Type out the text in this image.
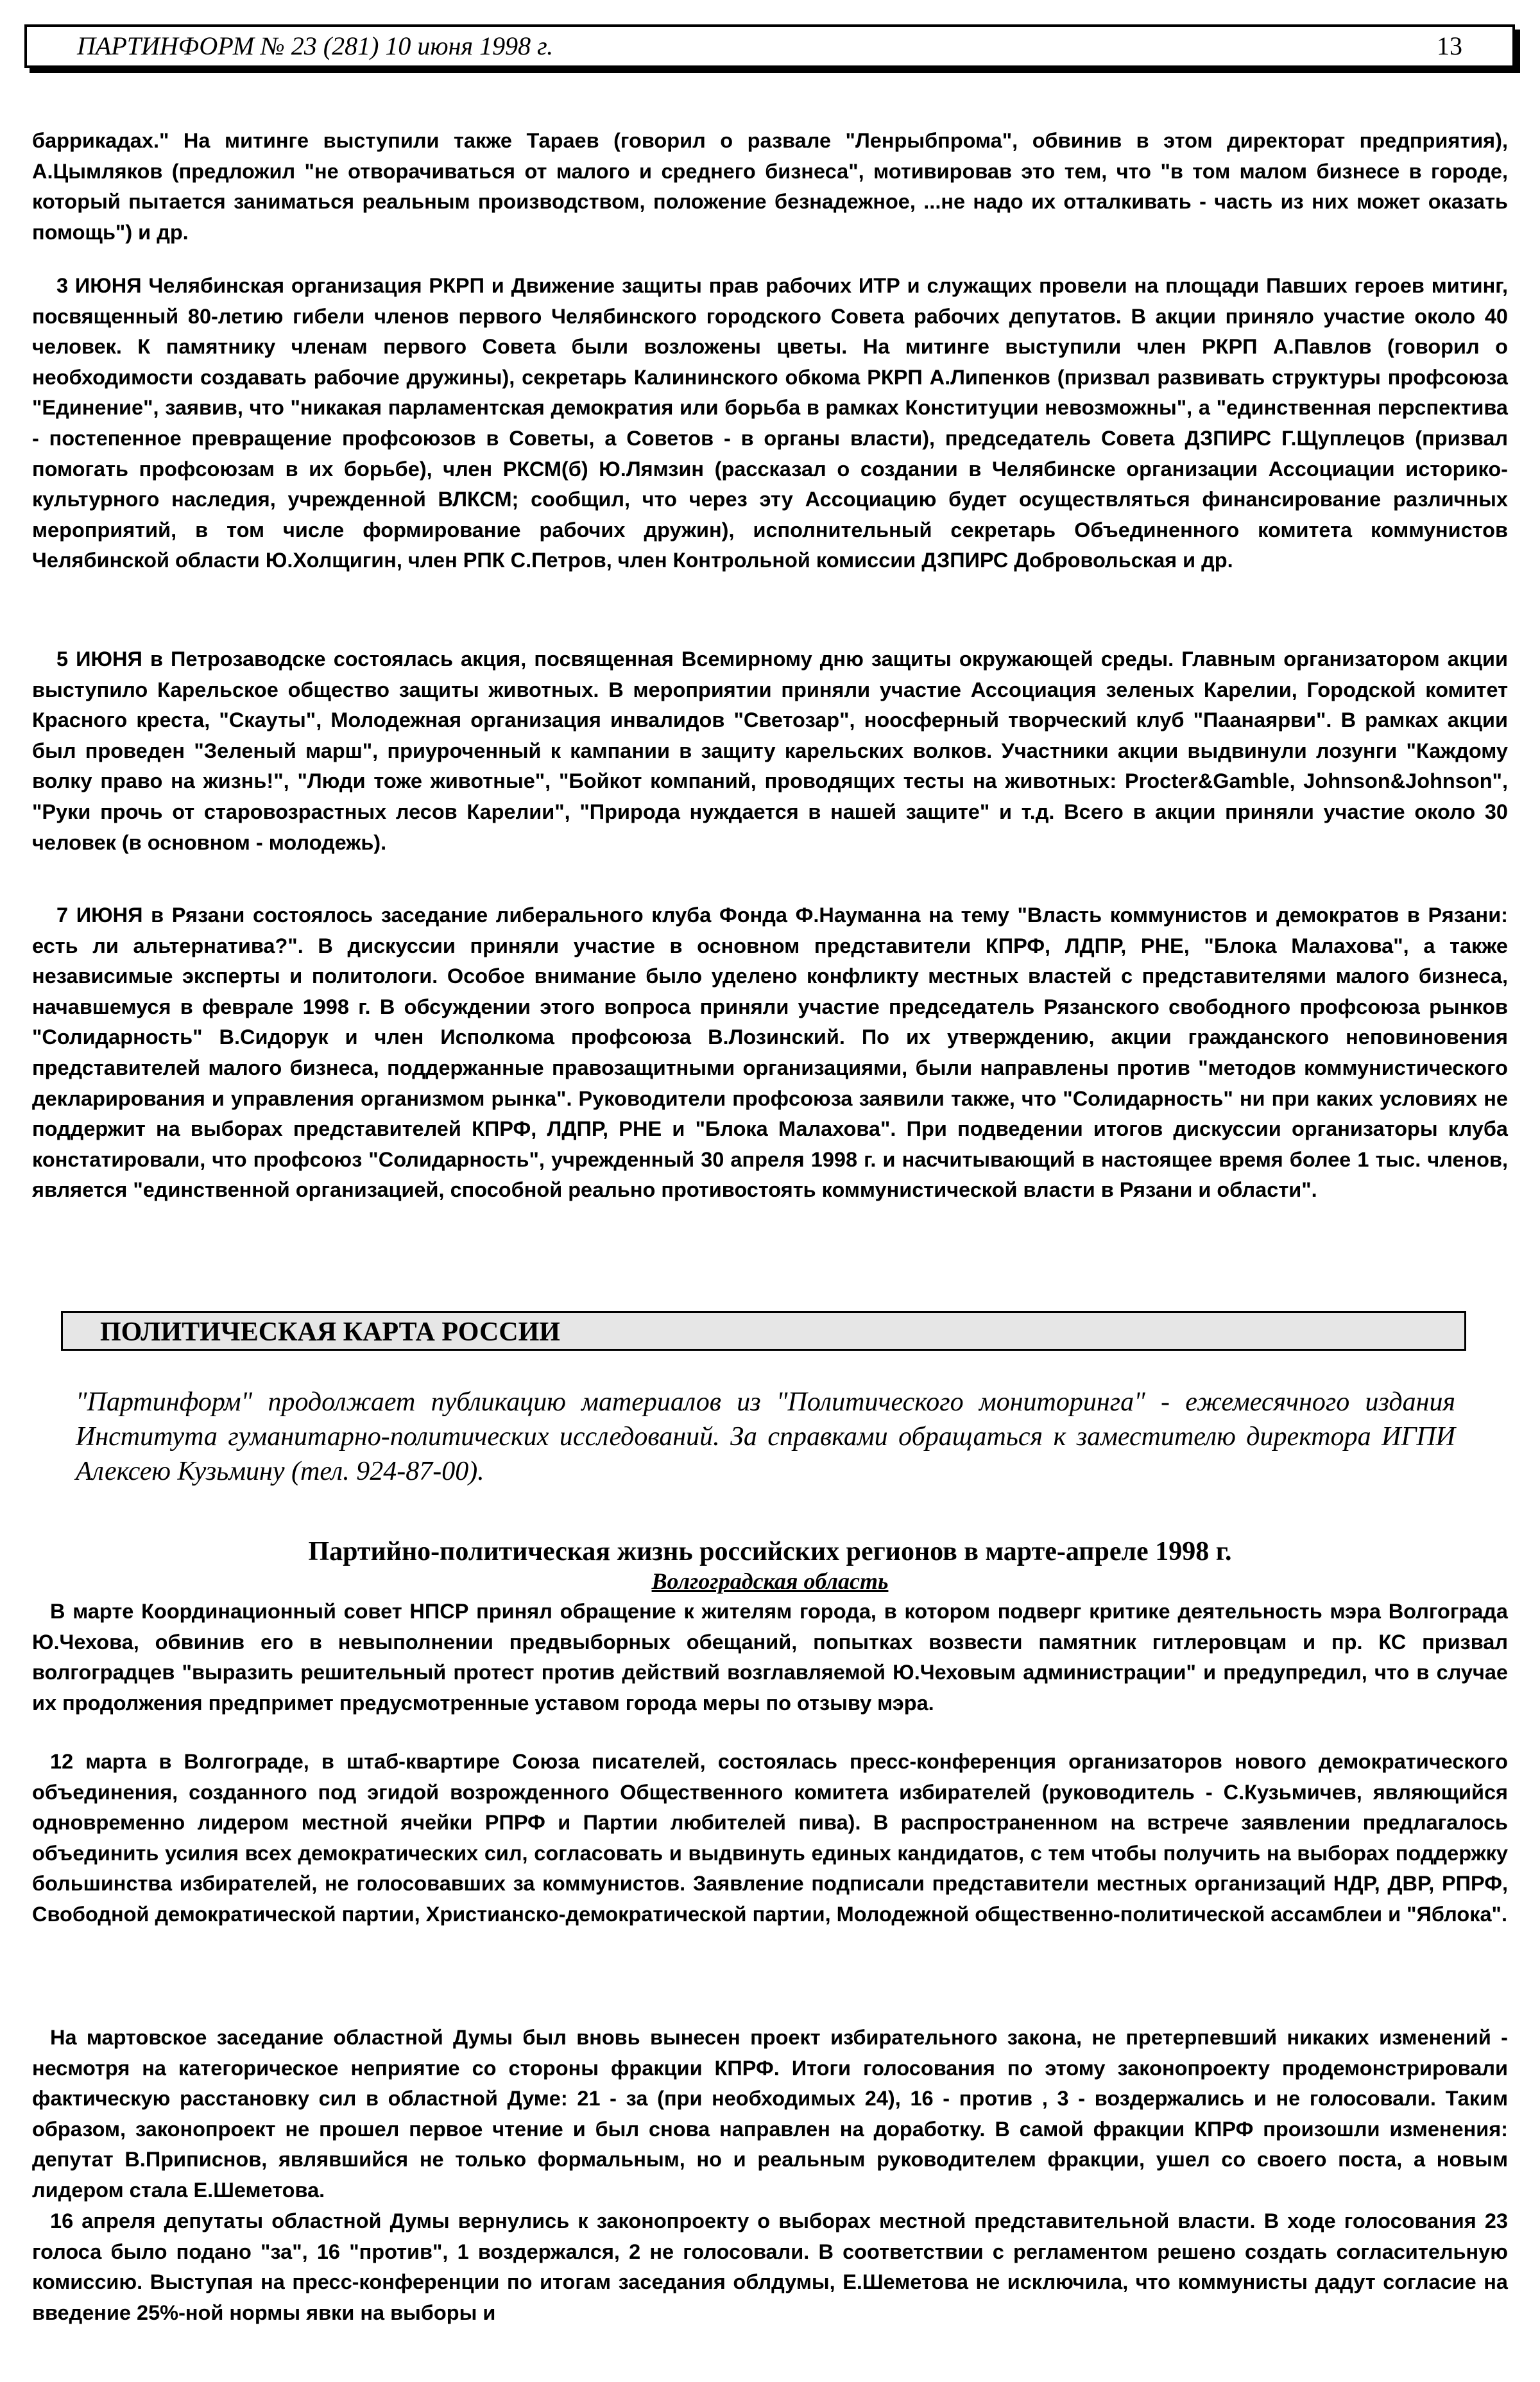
ПАРТИНФОРМ № 23 (281) 10 июня 1998 г.	13

баррикадах." На митинге выступили также Тараев (говорил о развале "Ленрыбпрома", обвинив в этом директорат предприятия), А.Цымляков (предложил "не отворачиваться от малого и среднего бизнеса", мотивировав это тем, что "в том малом бизнесе в городе, который пытается заниматься реальным производством, положение безнадежное, ...не надо их отталкивать - часть из них может оказать помощь") и др.

3 ИЮНЯ Челябинская организация РКРП и Движение защиты прав рабочих ИТР и служащих провели на площади Павших героев митинг, посвященный 80-летию гибели членов первого Челябинского городского Совета рабочих депутатов. В акции приняло участие около 40 человек. К памятнику членам первого Совета были возложены цветы. На митинге выступили член РКРП А.Павлов (говорил о необходимости создавать рабочие дружины), секретарь Калининского обкома РКРП А.Липенков (призвал развивать структуры профсоюза "Единение", заявив, что "никакая парламентская демократия или борьба в рамках Конституции невозможны", а "единственная перспектива - постепенное превращение профсоюзов в Советы, а Советов - в органы власти), председатель Совета ДЗПИРС Г.Щуплецов (призвал помогать профсоюзам в их борьбе), член РКСМ(б) Ю.Лямзин (рассказал о создании в Челябинске организации Ассоциации историко-культурного наследия, учрежденной ВЛКСМ; сообщил, что через эту Ассоциацию будет осуществляться финансирование различных мероприятий, в том числе формирование рабочих дружин), исполнительный секретарь Объединенного комитета коммунистов Челябинской области Ю.Холщигин, член РПК С.Петров, член Контрольной комиссии ДЗПИРС Добровольская и др.

5 ИЮНЯ в Петрозаводске состоялась акция, посвященная Всемирному дню защиты окружающей среды. Главным организатором акции выступило Карельское общество защиты животных. В мероприятии приняли участие Ассоциация зеленых Карелии, Городской комитет Красного креста, "Скауты", Молодежная организация инвалидов "Светозар", ноосферный творческий клуб "Паанаярви". В рамках акции был проведен "Зеленый марш", приуроченный к кампании в защиту карельских волков. Участники акции выдвинули лозунги "Каждому волку право на жизнь!", "Люди тоже животные", "Бойкот компаний, проводящих тесты на животных: Procter&Gamble, Johnson&Johnson", "Руки прочь от старовозрастных лесов Карелии", "Природа нуждается в нашей защите" и т.д. Всего в акции приняли участие около 30 человек (в основном - молодежь).

7 ИЮНЯ в Рязани состоялось заседание либерального клуба Фонда Ф.Науманна на тему "Власть коммунистов и демократов в Рязани: есть ли альтернатива?". В дискуссии приняли участие в основном представители КПРФ, ЛДПР, РНЕ, "Блока Малахова", а также независимые эксперты и политологи. Особое внимание было уделено конфликту местных властей с представителями малого бизнеса, начавшемуся в феврале 1998 г. В обсуждении этого вопроса приняли участие председатель Рязанского свободного профсоюза рынков "Солидарность" В.Сидорук и член Исполкома профсоюза В.Лозинский. По их утверждению, акции гражданского неповиновения представителей малого бизнеса, поддержанные правозащитными организациями, были направлены против "методов коммунистического декларирования и управления организмом рынка". Руководители профсоюза заявили также, что "Солидарность" ни при каких условиях не поддержит на выборах представителей КПРФ, ЛДПР, РНЕ и "Блока Малахова". При подведении итогов дискуссии организаторы клуба констатировали, что профсоюз "Солидарность", учрежденный 30 апреля 1998 г. и насчитывающий в настоящее время более 1 тыс. членов, является "единственной организацией, способной реально противостоять коммунистической власти в Рязани и области".

ПОЛИТИЧЕСКАЯ КАРТА РОССИИ

"Партинформ" продолжает публикацию материалов из "Политического мониторинга" - ежемесячного издания Института гуманитарно-политических исследований. За справками обращаться к заместителю директора ИГПИ Алексею Кузьмину (тел. 924-87-00).

Партийно-политическая жизнь российских регионов в марте-апреле 1998 г.
Волгоградская область

В марте Координационный совет НПСР принял обращение к жителям города, в котором подверг критике деятельность мэра Волгограда Ю.Чехова, обвинив его в невыполнении предвыборных обещаний, попытках возвести памятник гитлеровцам и пр. КС призвал волгоградцев "выразить решительный протест против действий возглавляемой Ю.Чеховым администрации" и предупредил, что в случае их продолжения предпримет предусмотренные уставом города меры по отзыву мэра.

12 марта в Волгограде, в штаб-квартире Союза писателей, состоялась пресс-конференция организаторов нового демократического объединения, созданного под эгидой возрожденного Общественного комитета избирателей (руководитель - С.Кузьмичев, являющийся одновременно лидером местной ячейки РПРФ и Партии любителей пива). В распространенном на встрече заявлении предлагалось объединить усилия всех демократических сил, согласовать и выдвинуть единых кандидатов, с тем чтобы получить на выборах поддержку большинства избирателей, не голосовавших за коммунистов. Заявление подписали представители местных организаций НДР, ДВР, РПРФ, Свободной демократической партии, Христианско-демократической партии, Молодежной общественно-политической ассамблеи и "Яблока".

На мартовское заседание областной Думы был вновь вынесен проект избирательного закона, не претерпевший никаких изменений - несмотря на категорическое неприятие со стороны фракции КПРФ. Итоги голосования по этому законопроекту продемонстрировали фактическую расстановку сил в областной Думе: 21 - за (при необходимых 24), 16 - против , 3 - воздержались и не голосовали. Таким образом, законопроект не прошел первое чтение и был снова направлен на доработку. В самой фракции КПРФ произошли изменения: депутат В.Приписнов, являвшийся не только формальным, но и реальным руководителем фракции, ушел со своего поста, а новым лидером стала Е.Шеметова.

16 апреля депутаты областной Думы вернулись к законопроекту о выборах местной представительной власти. В ходе голосования 23 голоса было подано "за", 16 "против", 1 воздержался, 2 не голосовали. В соответствии с регламентом решено создать согласительную комиссию. Выступая на пресс-конференции по итогам заседания облдумы, Е.Шеметова не исключила, что коммунисты дадут согласие на введение 25%-ной нормы явки на выборы и
